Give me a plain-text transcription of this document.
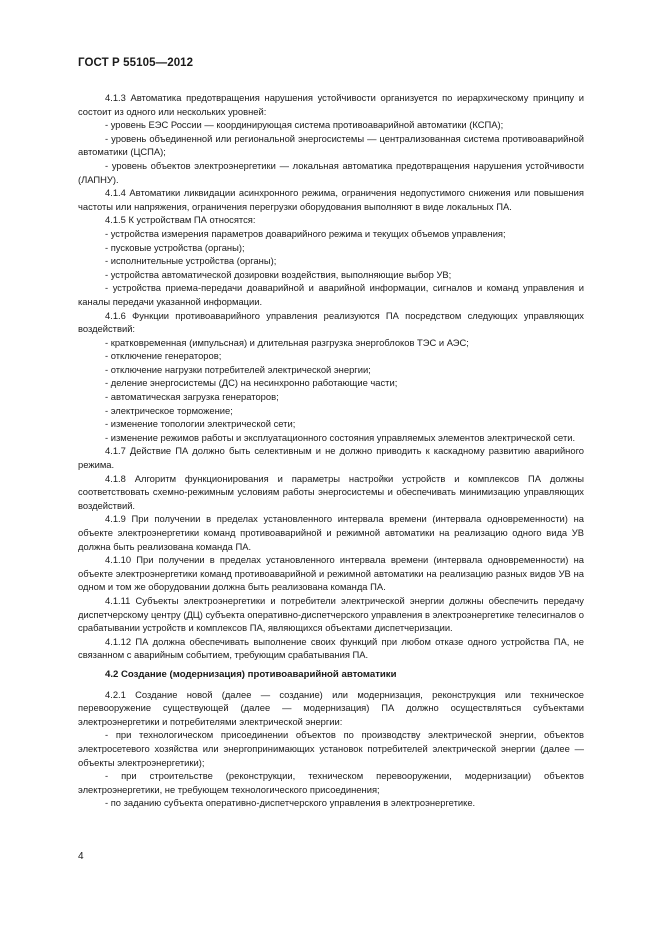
ГОСТ Р 55105—2012

4.1.3 Автоматика предотвращения нарушения устойчивости организуется по иерархическому принципу и состоит из одного или нескольких уровней:

- уровень ЕЭС России — координирующая система противоаварийной автоматики (КСПА);

- уровень объединенной или региональной энергосистемы — централизованная система противоаварийной автоматики (ЦСПА);

- уровень объектов электроэнергетики — локальная автоматика предотвращения нарушения устойчивости (ЛАПНУ).

4.1.4 Автоматики ликвидации асинхронного режима, ограничения недопустимого снижения или повышения частоты или напряжения, ограничения перегрузки оборудования выполняют в виде локальных ПА.

4.1.5 К устройствам ПА относятся:

- устройства измерения параметров доаварийного режима и текущих объемов управления;

- пусковые устройства (органы);

- исполнительные устройства (органы);

- устройства автоматической дозировки воздействия, выполняющие выбор УВ;

- устройства приема-передачи доаварийной и аварийной информации, сигналов и команд управления и каналы передачи указанной информации.

4.1.6 Функции противоаварийного управления реализуются ПА посредством следующих управляющих воздействий:

- кратковременная (импульсная) и длительная разгрузка энергоблоков ТЭС и АЭС;

- отключение генераторов;

- отключение нагрузки потребителей электрической энергии;

- деление энергосистемы (ДС) на несинхронно работающие части;

- автоматическая загрузка генераторов;

- электрическое торможение;

- изменение топологии электрической сети;

- изменение режимов работы и эксплуатационного состояния управляемых элементов электрической сети.

4.1.7 Действие ПА должно быть селективным и не должно приводить к каскадному развитию аварийного режима.

4.1.8 Алгоритм функционирования и параметры настройки устройств и комплексов ПА должны соответствовать схемно-режимным условиям работы энергосистемы и обеспечивать минимизацию управляющих воздействий.

4.1.9 При получении в пределах установленного интервала времени (интервала одновременности) на объекте электроэнергетики команд противоаварийной и режимной автоматики на реализацию одного вида УВ должна быть реализована команда ПА.

4.1.10 При получении в пределах установленного интервала времени (интервала одновременности) на объекте электроэнергетики команд противоаварийной и режимной автоматики на реализацию разных видов УВ на одном и том же оборудовании должна быть реализована команда ПА.

4.1.11 Субъекты электроэнергетики и потребители электрической энергии должны обеспечить передачу диспетчерскому центру (ДЦ) субъекта оперативно-диспетчерского управления в электроэнергетике телесигналов о срабатывании устройств и комплексов ПА, являющихся объектами диспетчеризации.

4.1.12 ПА должна обеспечивать выполнение своих функций при любом отказе одного устройства ПА, не связанном с аварийным событием, требующим срабатывания ПА.

4.2 Создание (модернизация) противоаварийной автоматики

4.2.1 Создание новой (далее — создание) или модернизация, реконструкция или техническое перевооружение существующей (далее — модернизация) ПА должно осуществляться субъектами электроэнергетики и потребителями электрической энергии:

- при технологическом присоединении объектов по производству электрической энергии, объектов электросетевого хозяйства или энергопринимающих установок потребителей электрической энергии (далее — объекты электроэнергетики);

- при строительстве (реконструкции, техническом перевооружении, модернизации) объектов электроэнергетики, не требующем технологического присоединения;

- по заданию субъекта оперативно-диспетчерского управления в электроэнергетике.

4
